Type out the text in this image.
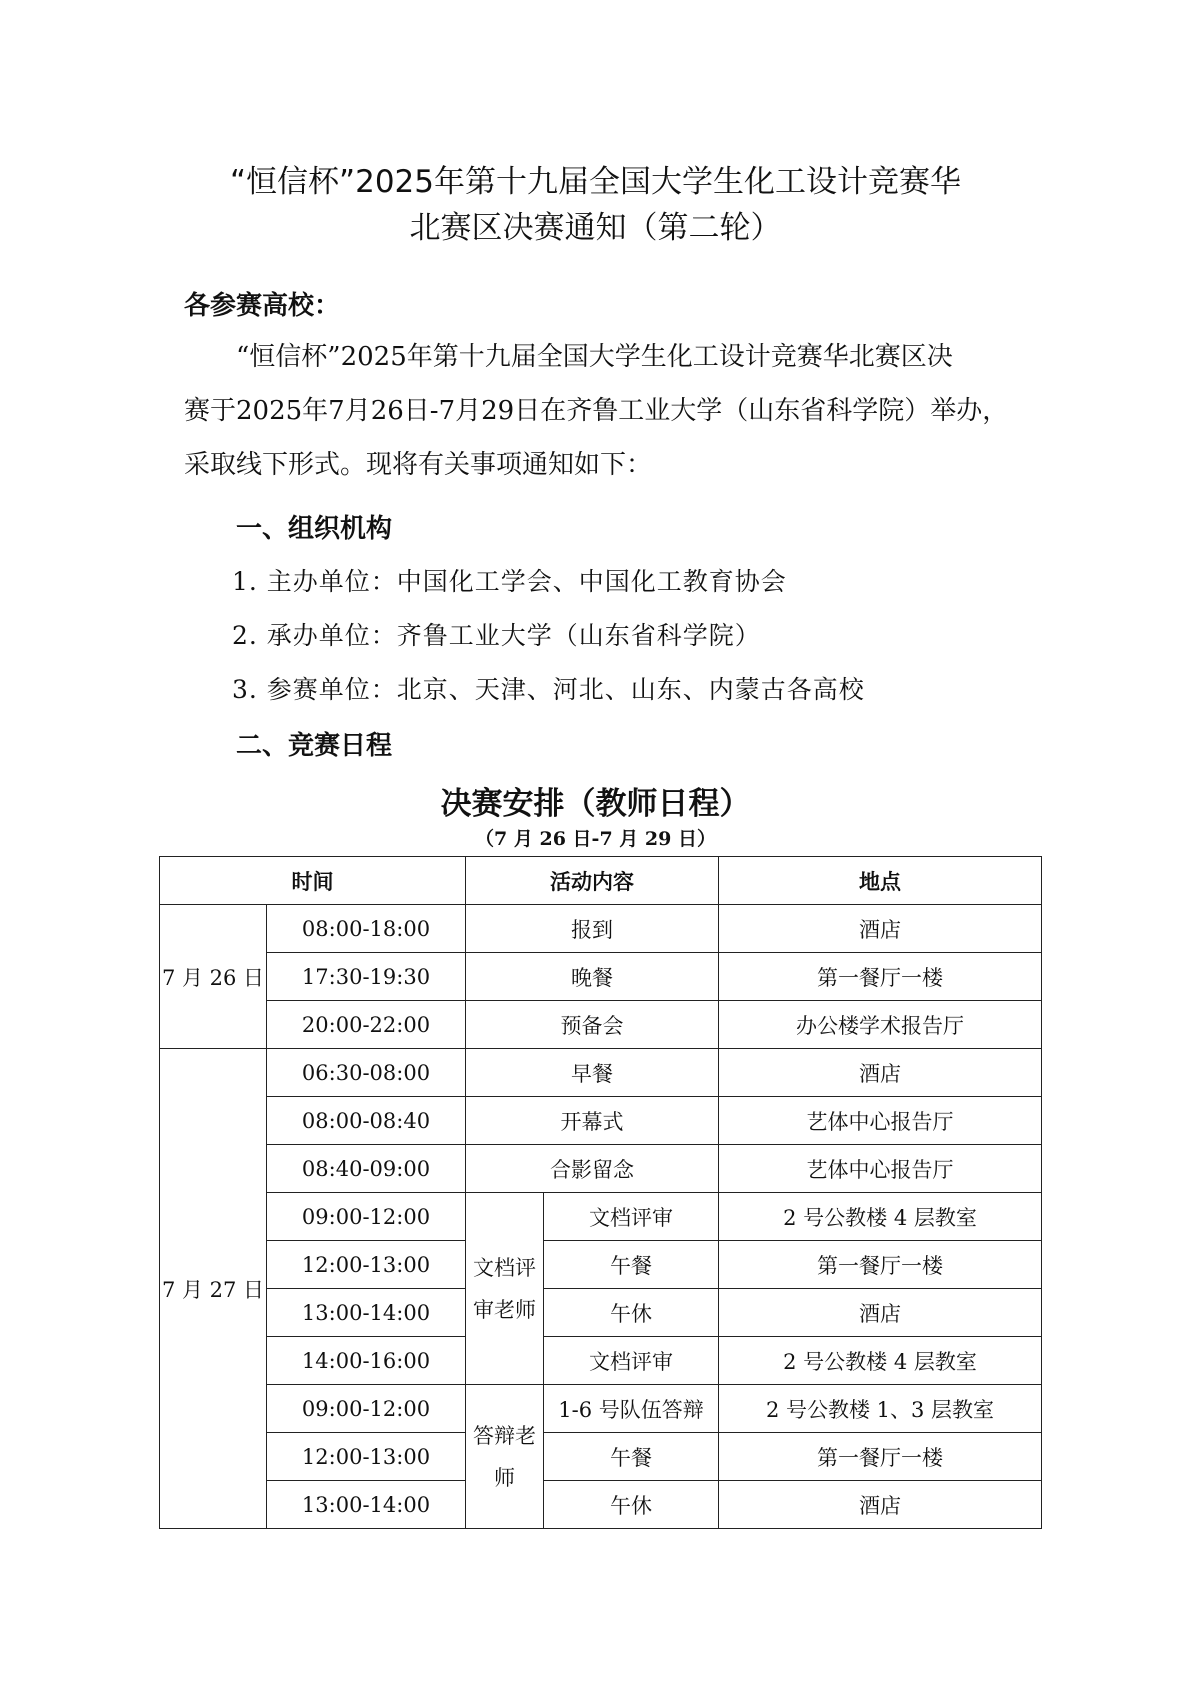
“恒信杯”2025年第十九届全国大学生化工设计竞赛华
北赛区决赛通知（第二轮）
各参赛高校：
“恒信杯”2025年第十九届全国大学生化工设计竞赛华北赛区决
赛于2025年7月26日-7月29日在齐鲁工业大学（山东省科学院）举办，
采取线下形式。现将有关事项通知如下：
一、组织机构
1. 主办单位：中国化工学会、中国化工教育协会
2. 承办单位：齐鲁工业大学（山东省科学院）
3. 参赛单位：北京、天津、河北、山东、内蒙古各高校
二、竞赛日程
决赛安排（教师日程）
（7 月 26 日-7 月 29 日）
时间		活动内容		地点
7 月 26 日	08:00-18:00	报到		酒店
	17:30-19:30	晚餐		第一餐厅一楼
	20:00-22:00	预备会		办公楼学术报告厅
7 月 27 日	06:30-08:00	早餐		酒店
	08:00-08:40	开幕式		艺体中心报告厅
	08:40-09:00	合影留念		艺体中心报告厅
	09:00-12:00	文档评审老师	文档评审	2 号公教楼 4 层教室
	12:00-13:00		午餐	第一餐厅一楼
	13:00-14:00		午休	酒店
	14:00-16:00		文档评审	2 号公教楼 4 层教室
	09:00-12:00	答辩老师	1-6 号队伍答辩	2 号公教楼 1、3 层教室
	12:00-13:00		午餐	第一餐厅一楼
	13:00-14:00		午休	酒店
